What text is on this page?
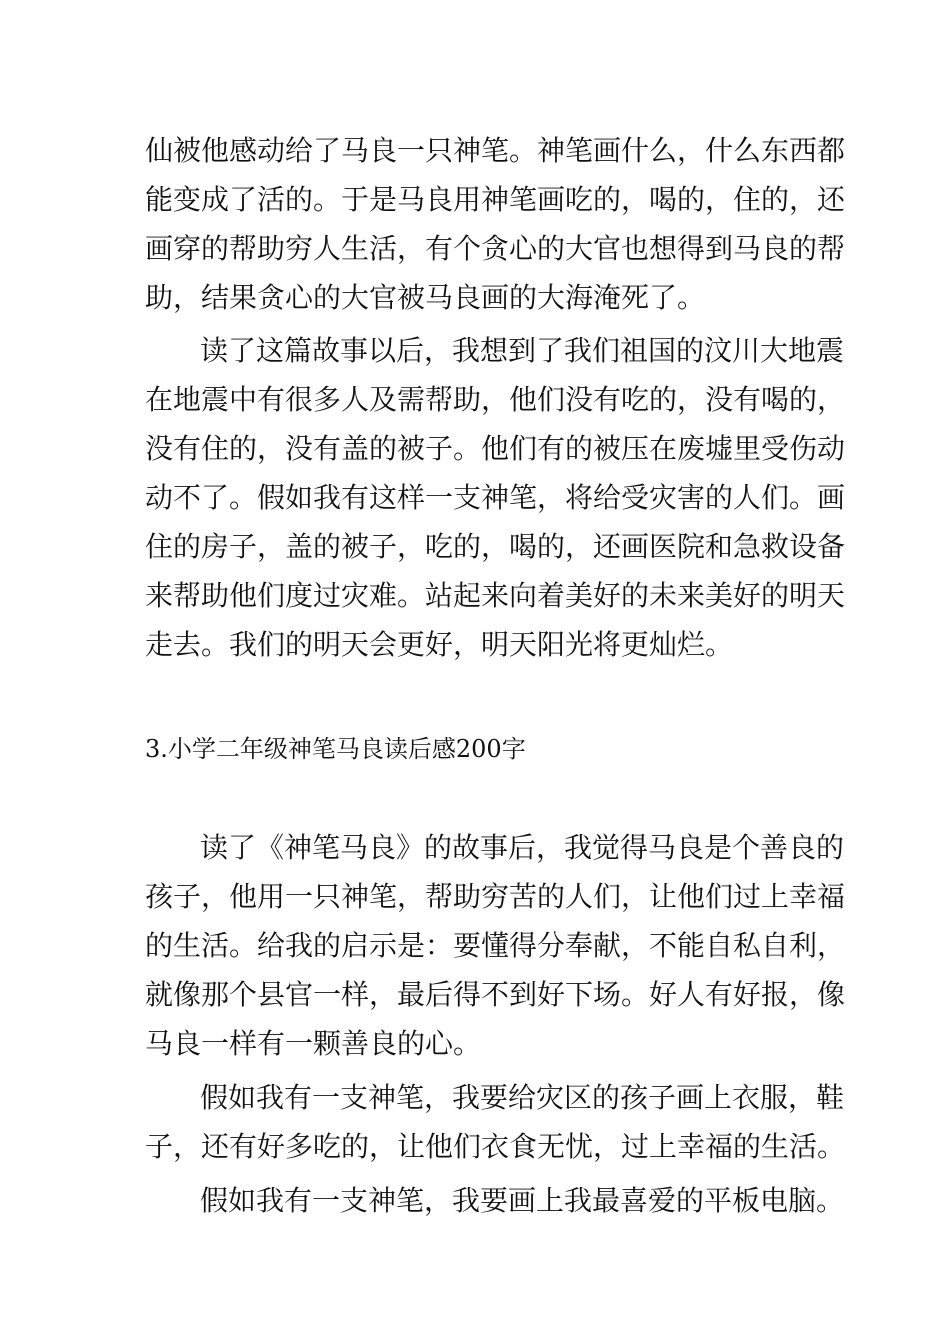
仙被他感动给了马良一只神笔。神笔画什么，什么东西都
能变成了活的。于是马良用神笔画吃的，喝的，住的，还
画穿的帮助穷人生活，有个贪心的大官也想得到马良的帮
助，结果贪心的大官被马良画的大海淹死了。
读了这篇故事以后，我想到了我们祖国的汶川大地震
在地震中有很多人及需帮助，他们没有吃的，没有喝的，
没有住的，没有盖的被子。他们有的被压在废墟里受伤动
动不了。假如我有这样一支神笔，将给受灾害的人们。画
住的房子，盖的被子，吃的，喝的，还画医院和急救设备
来帮助他们度过灾难。站起来向着美好的未来美好的明天
走去。我们的明天会更好，明天阳光将更灿烂。
3.小学二年级神笔马良读后感200字
读了《神笔马良》的故事后，我觉得马良是个善良的
孩子，他用一只神笔，帮助穷苦的人们，让他们过上幸福
的生活。给我的启示是：要懂得分奉献，不能自私自利，
就像那个县官一样，最后得不到好下场。好人有好报，像
马良一样有一颗善良的心。
假如我有一支神笔，我要给灾区的孩子画上衣服，鞋
子，还有好多吃的，让他们衣食无忧，过上幸福的生活。
假如我有一支神笔，我要画上我最喜爱的平板电脑。
